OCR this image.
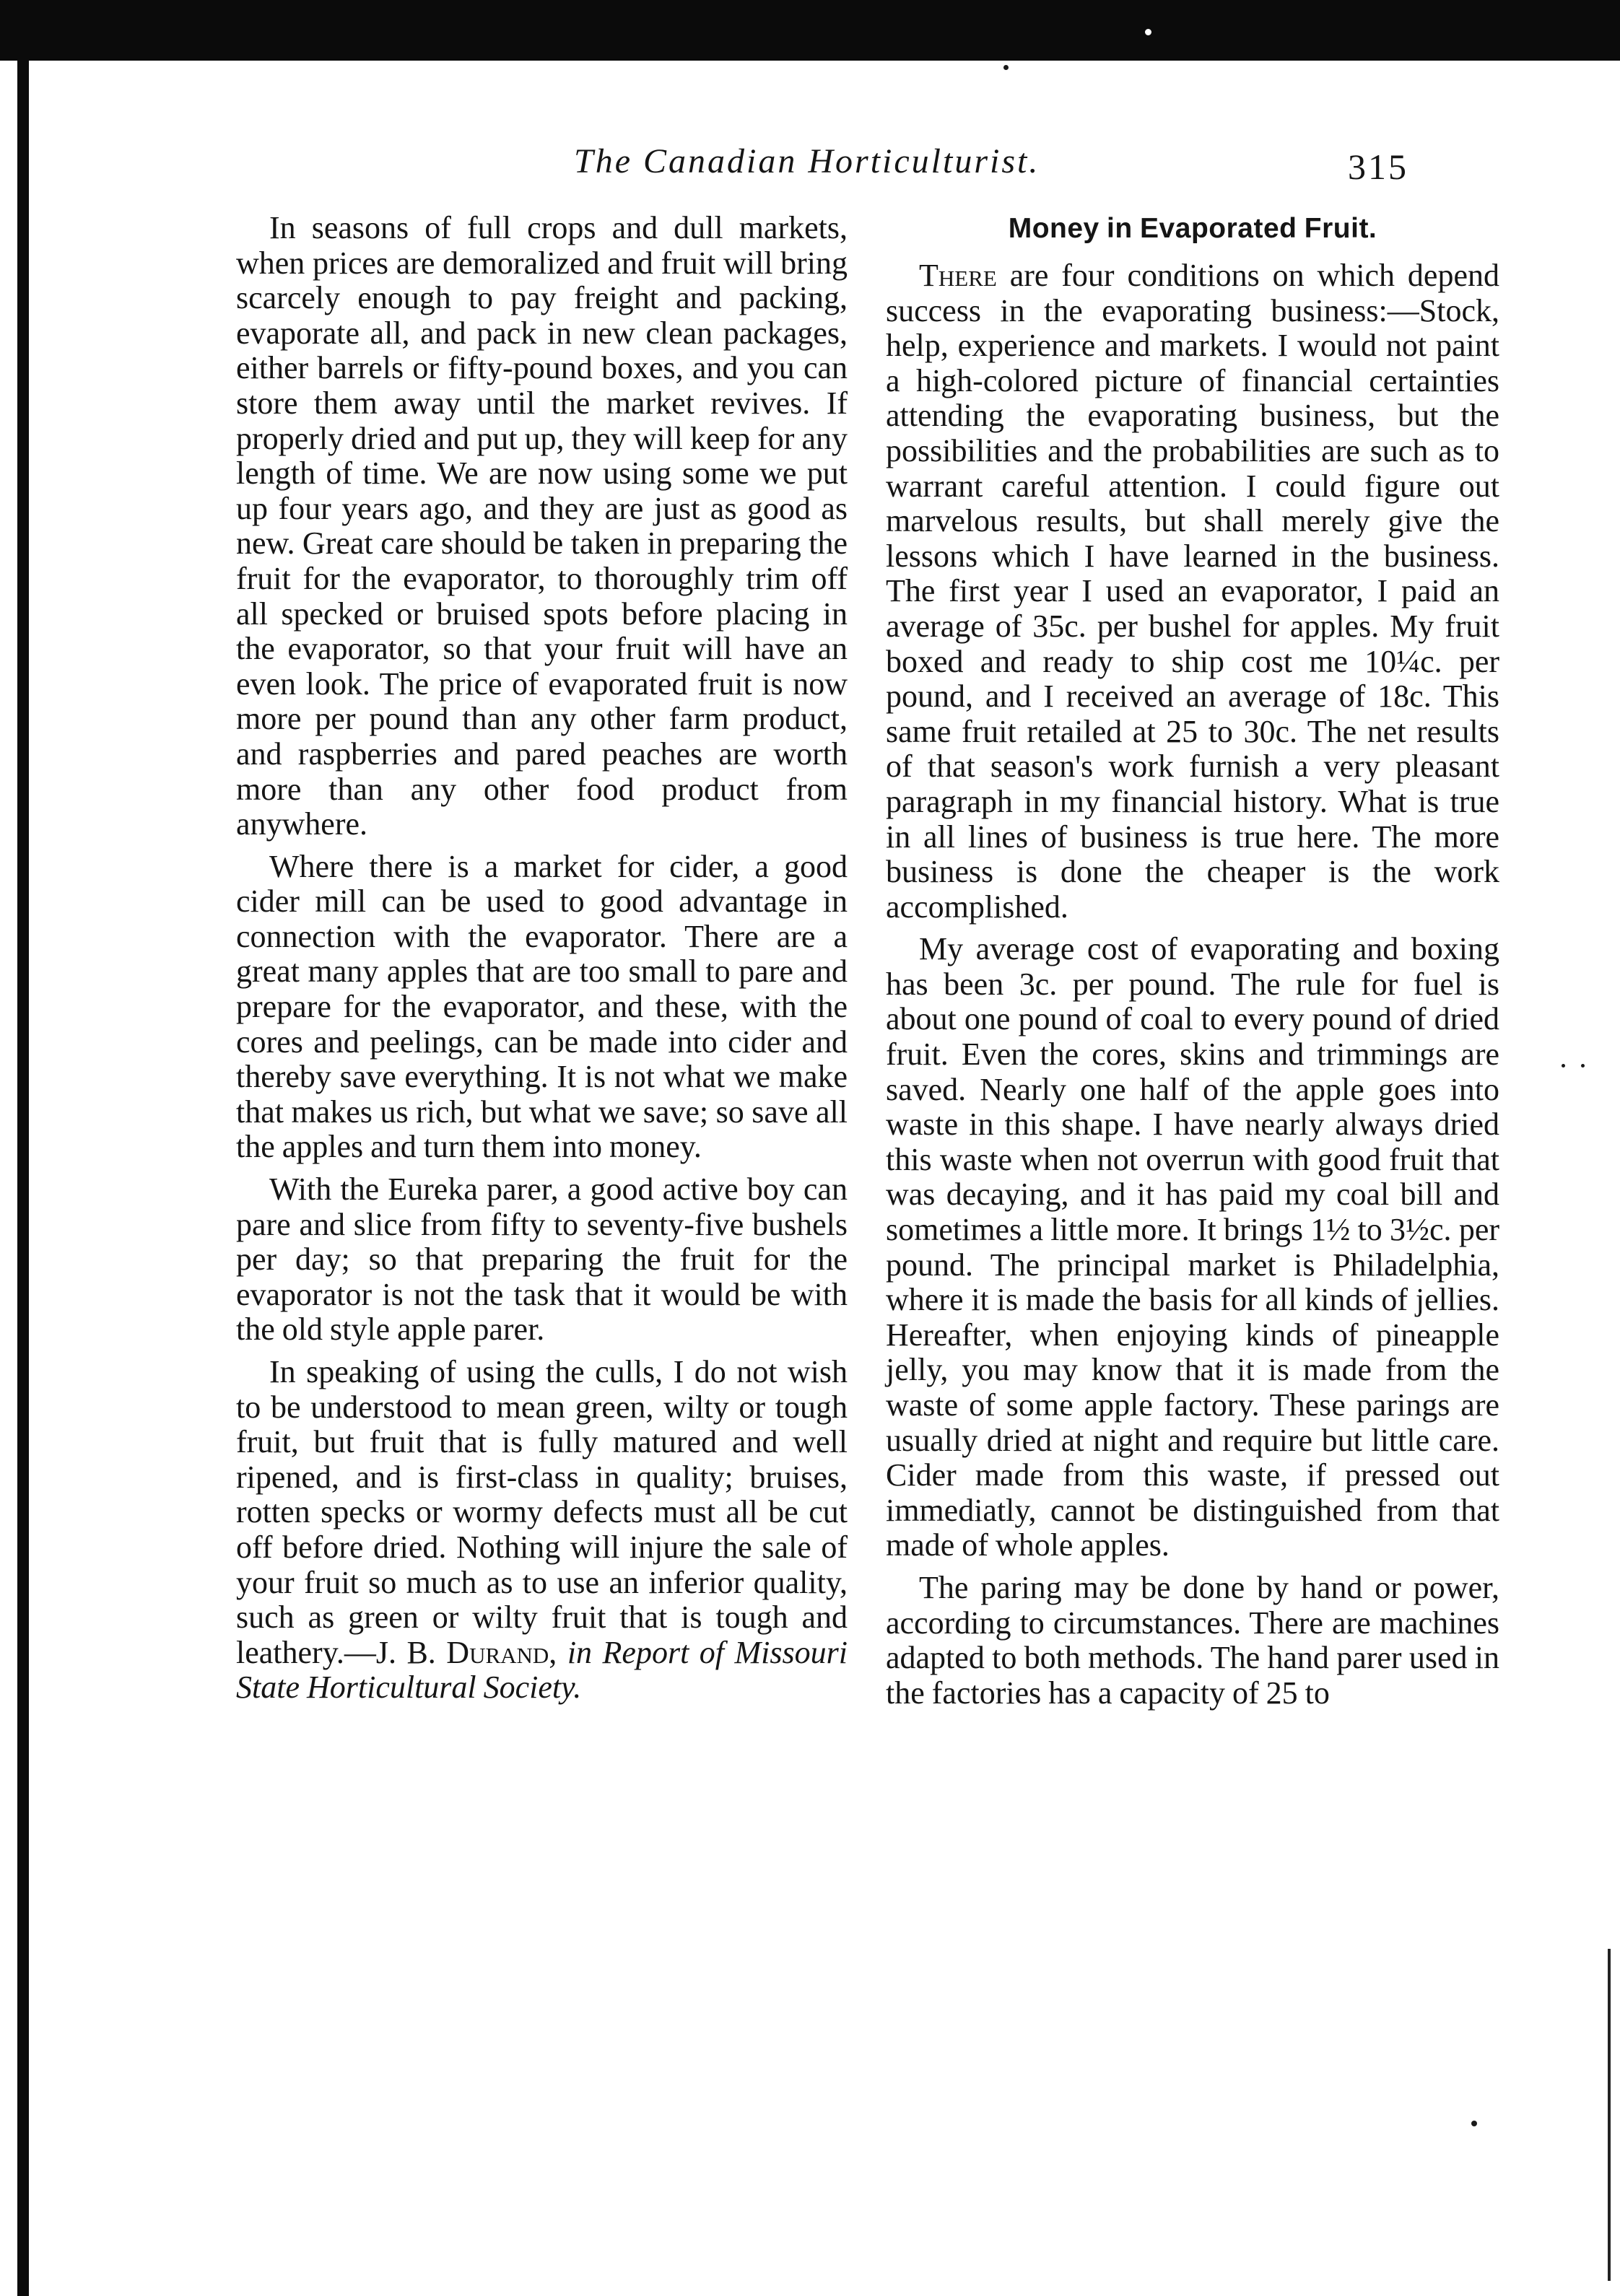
The Canadian Horticulturist.	315

In seasons of full crops and dull markets, when prices are demoralized and fruit will bring scarcely enough to pay freight and packing, evaporate all, and pack in new clean packages, either barrels or fifty-pound boxes, and you can store them away until the market revives. If properly dried and put up, they will keep for any length of time. We are now using some we put up four years ago, and they are just as good as new. Great care should be taken in preparing the fruit for the evaporator, to thoroughly trim off all specked or bruised spots before placing in the evaporator, so that your fruit will have an even look. The price of evaporated fruit is now more per pound than any other farm product, and raspberries and pared peaches are worth more than any other food product from anywhere.

Where there is a market for cider, a good cider mill can be used to good advantage in connection with the evaporator. There are a great many apples that are too small to pare and prepare for the evaporator, and these, with the cores and peelings, can be made into cider and thereby save everything. It is not what we make that makes us rich, but what we save; so save all the apples and turn them into money.

With the Eureka parer, a good active boy can pare and slice from fifty to seventy-five bushels per day; so that preparing the fruit for the evaporator is not the task that it would be with the old style apple parer.

In speaking of using the culls, I do not wish to be understood to mean green, wilty or tough fruit, but fruit that is fully matured and well ripened, and is first-class in quality; bruises, rotten specks or wormy defects must all be cut off before dried. Nothing will injure the sale of your fruit so much as to use an inferior quality, such as green or wilty fruit that is tough and leathery.—J. B. Durand, in Report of Missouri State Horticultural Society.

Money in Evaporated Fruit.

There are four conditions on which depend success in the evaporating business:—Stock, help, experience and markets. I would not paint a high-colored picture of financial certainties attending the evaporating business, but the possibilities and the probabilities are such as to warrant careful attention. I could figure out marvelous results, but shall merely give the lessons which I have learned in the business. The first year I used an evaporator, I paid an average of 35c. per bushel for apples. My fruit boxed and ready to ship cost me 10¼c. per pound, and I received an average of 18c. This same fruit retailed at 25 to 30c. The net results of that season's work furnish a very pleasant paragraph in my financial history. What is true in all lines of business is true here. The more business is done the cheaper is the work accomplished.

My average cost of evaporating and boxing has been 3c. per pound. The rule for fuel is about one pound of coal to every pound of dried fruit. Even the cores, skins and trimmings are saved. Nearly one half of the apple goes into waste in this shape. I have nearly always dried this waste when not overrun with good fruit that was decaying, and it has paid my coal bill and sometimes a little more. It brings 1½ to 3½c. per pound. The principal market is Philadelphia, where it is made the basis for all kinds of jellies. Hereafter, when enjoying kinds of pineapple jelly, you may know that it is made from the waste of some apple factory. These parings are usually dried at night and require but little care. Cider made from this waste, if pressed out immediatly, cannot be distinguished from that made of whole apples.

The paring may be done by hand or power, according to circumstances. There are machines adapted to both methods. The hand parer used in the factories has a capacity of 25 to
